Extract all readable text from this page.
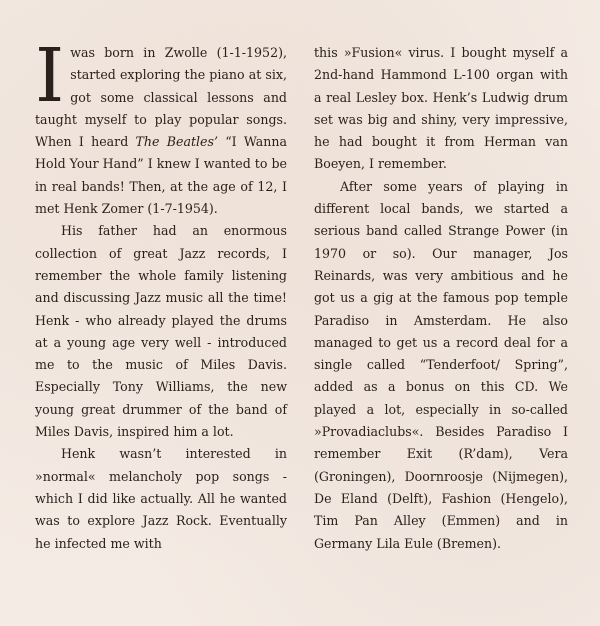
I was born in Zwolle (1-1-1952), started exploring the piano at six, got some classical lessons and taught myself to play popular songs. When I heard The Beatles’ “I Wanna Hold Your Hand” I knew I wanted to be in real bands! Then, at the age of 12, I met Henk Zomer (1-7-1954).

His father had an enormous collection of great Jazz records, I remember the whole family listening and discussing Jazz music all the time! Henk - who already played the drums at a young age very well - introduced me to the music of Miles Davis. Especially Tony Williams, the new young great drummer of the band of Miles Davis, inspired him a lot.

Henk wasn’t interested in »normal« melancholy pop songs - which I did like actually. All he wanted was to explore Jazz Rock. Eventually he infected me with

this »Fusion« virus. I bought myself a 2nd-hand Hammond L-100 organ with a real Lesley box. Henk’s Ludwig drum set was big and shiny, very impressive, he had bought it from Herman van Boeyen, I remember.

After some years of playing in different local bands, we started a serious band called Strange Power (in 1970 or so). Our manager, Jos Reinards, was very ambitious and he got us a gig at the famous pop temple Paradiso in Amsterdam. He also managed to get us a record deal for a single called “Tenderfoot/ Spring”, added as a bonus on this CD. We played a lot, especially in so-called »Provadiaclubs«. Besides Paradiso I remember Exit (R’dam), Vera (Groningen), Doornroosje (Nijmegen), De Eland (Delft), Fashion (Hengelo), Tim Pan Alley (Emmen) and in Germany Lila Eule (Bremen).
